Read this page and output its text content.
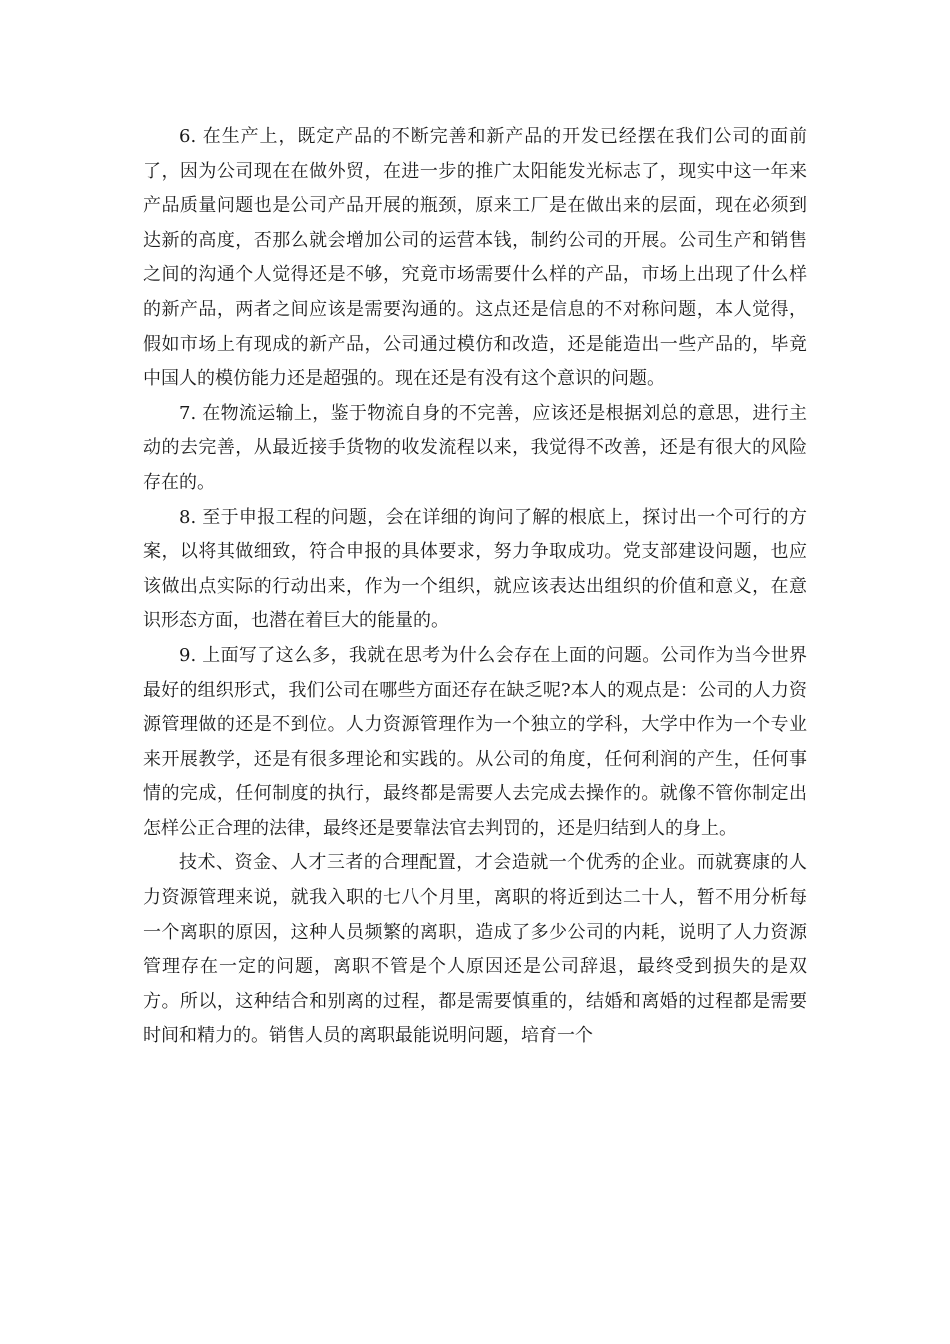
6. 在生产上，既定产品的不断完善和新产品的开发已经摆在我们公司的面前了，因为公司现在在做外贸，在进一步的推广太阳能发光标志了，现实中这一年来产品质量问题也是公司产品开展的瓶颈，原来工厂是在做出来的层面，现在必须到达新的高度，否那么就会增加公司的运营本钱，制约公司的开展。公司生产和销售之间的沟通个人觉得还是不够，究竟市场需要什么样的产品，市场上出现了什么样的新产品，两者之间应该是需要沟通的。这点还是信息的不对称问题，本人觉得，假如市场上有现成的新产品，公司通过模仿和改造，还是能造出一些产品的，毕竟中国人的模仿能力还是超强的。现在还是有没有这个意识的问题。

7. 在物流运输上，鉴于物流自身的不完善，应该还是根据刘总的意思，进行主动的去完善，从最近接手货物的收发流程以来，我觉得不改善，还是有很大的风险存在的。

8. 至于申报工程的问题，会在详细的询问了解的根底上，探讨出一个可行的方案，以将其做细致，符合申报的具体要求，努力争取成功。党支部建设问题，也应该做出点实际的行动出来，作为一个组织，就应该表达出组织的价值和意义，在意识形态方面，也潜在着巨大的能量的。

9. 上面写了这么多，我就在思考为什么会存在上面的问题。公司作为当今世界最好的组织形式，我们公司在哪些方面还存在缺乏呢?本人的观点是：公司的人力资源管理做的还是不到位。人力资源管理作为一个独立的学科，大学中作为一个专业来开展教学，还是有很多理论和实践的。从公司的角度，任何利润的产生，任何事情的完成，任何制度的执行，最终都是需要人去完成去操作的。就像不管你制定出怎样公正合理的法律，最终还是要靠法官去判罚的，还是归结到人的身上。

技术、资金、人才三者的合理配置，才会造就一个优秀的企业。而就赛康的人力资源管理来说，就我入职的七八个月里，离职的将近到达二十人，暂不用分析每一个离职的原因，这种人员频繁的离职，造成了多少公司的内耗，说明了人力资源管理存在一定的问题，离职不管是个人原因还是公司辞退，最终受到损失的是双方。所以，这种结合和别离的过程，都是需要慎重的，结婚和离婚的过程都是需要时间和精力的。销售人员的离职最能说明问题，培育一个
